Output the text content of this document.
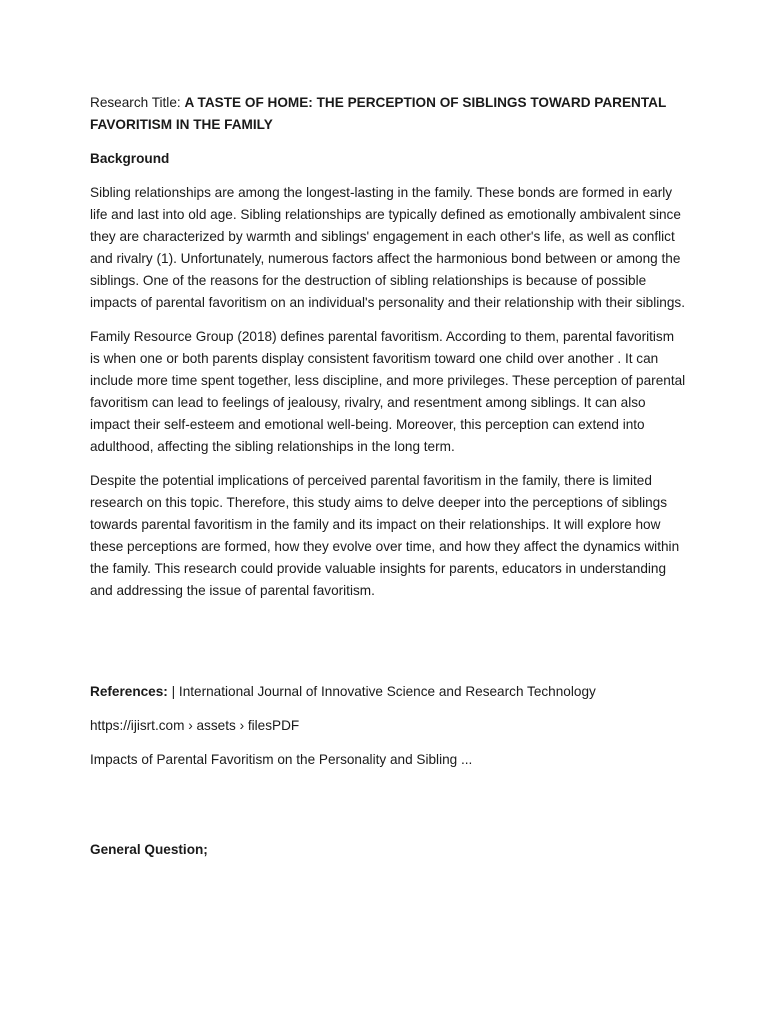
Research Title: A TASTE OF HOME: THE PERCEPTION OF SIBLINGS TOWARD PARENTAL FAVORITISM IN THE FAMILY

Background

Sibling relationships are among the longest-lasting in the family. These bonds are formed in early life and last into old age. Sibling relationships are typically defined as emotionally ambivalent since they are characterized by warmth and siblings' engagement in each other's life, as well as conflict and rivalry (1). Unfortunately, numerous factors affect the harmonious bond between or among the siblings. One of the reasons for the destruction of sibling relationships is because of possible impacts of parental favoritism on an individual's personality and their relationship with their siblings.

Family Resource Group (2018) defines parental favoritism. According to them, parental favoritism is when one or both parents display consistent favoritism toward one child over another . It can include more time spent together, less discipline, and more privileges. These perception of parental favoritism can lead to feelings of jealousy, rivalry, and resentment among siblings. It can also impact their self-esteem and emotional well-being. Moreover, this perception can extend into adulthood, affecting the sibling relationships in the long term.

Despite the potential implications of perceived parental favoritism in the family, there is limited research on this topic. Therefore, this study aims to delve deeper into the perceptions of siblings towards parental favoritism in the family and its impact on their relationships. It will explore how these perceptions are formed, how they evolve over time, and how they affect the dynamics within the family. This research could provide valuable insights for parents, educators in understanding and addressing the issue of parental favoritism.

References: | International Journal of Innovative Science and Research Technology

https://ijisrt.com › assets › filesPDF

Impacts of Parental Favoritism on the Personality and Sibling ...

General Question;
